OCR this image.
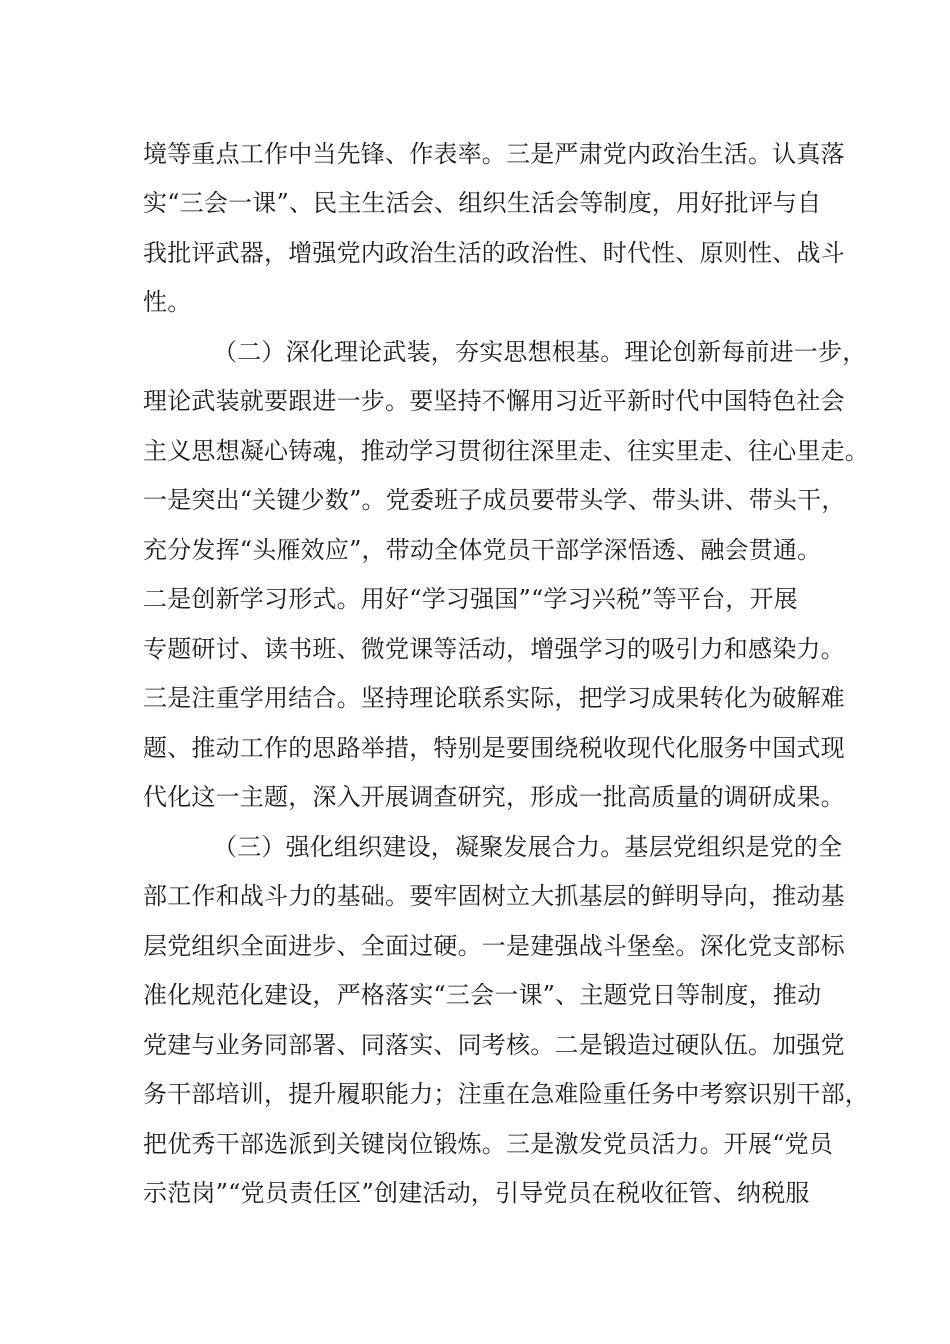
境等重点工作中当先锋、作表率。三是严肃党内政治生活。认真落
实“三会一课”、民主生活会、组织生活会等制度，用好批评与自
我批评武器，增强党内政治生活的政治性、时代性、原则性、战斗
性。
（二）深化理论武装，夯实思想根基。理论创新每前进一步，
理论武装就要跟进一步。要坚持不懈用习近平新时代中国特色社会
主义思想凝心铸魂，推动学习贯彻往深里走、往实里走、往心里走。
一是突出“关键少数”。党委班子成员要带头学、带头讲、带头干，
充分发挥“头雁效应”，带动全体党员干部学深悟透、融会贯通。
二是创新学习形式。用好“学习强国”“学习兴税”等平台，开展
专题研讨、读书班、微党课等活动，增强学习的吸引力和感染力。
三是注重学用结合。坚持理论联系实际，把学习成果转化为破解难
题、推动工作的思路举措，特别是要围绕税收现代化服务中国式现
代化这一主题，深入开展调查研究，形成一批高质量的调研成果。
（三）强化组织建设，凝聚发展合力。基层党组织是党的全
部工作和战斗力的基础。要牢固树立大抓基层的鲜明导向，推动基
层党组织全面进步、全面过硬。一是建强战斗堡垒。深化党支部标
准化规范化建设，严格落实“三会一课”、主题党日等制度，推动
党建与业务同部署、同落实、同考核。二是锻造过硬队伍。加强党
务干部培训，提升履职能力；注重在急难险重任务中考察识别干部，
把优秀干部选派到关键岗位锻炼。三是激发党员活力。开展“党员
示范岗”“党员责任区”创建活动，引导党员在税收征管、纳税服
